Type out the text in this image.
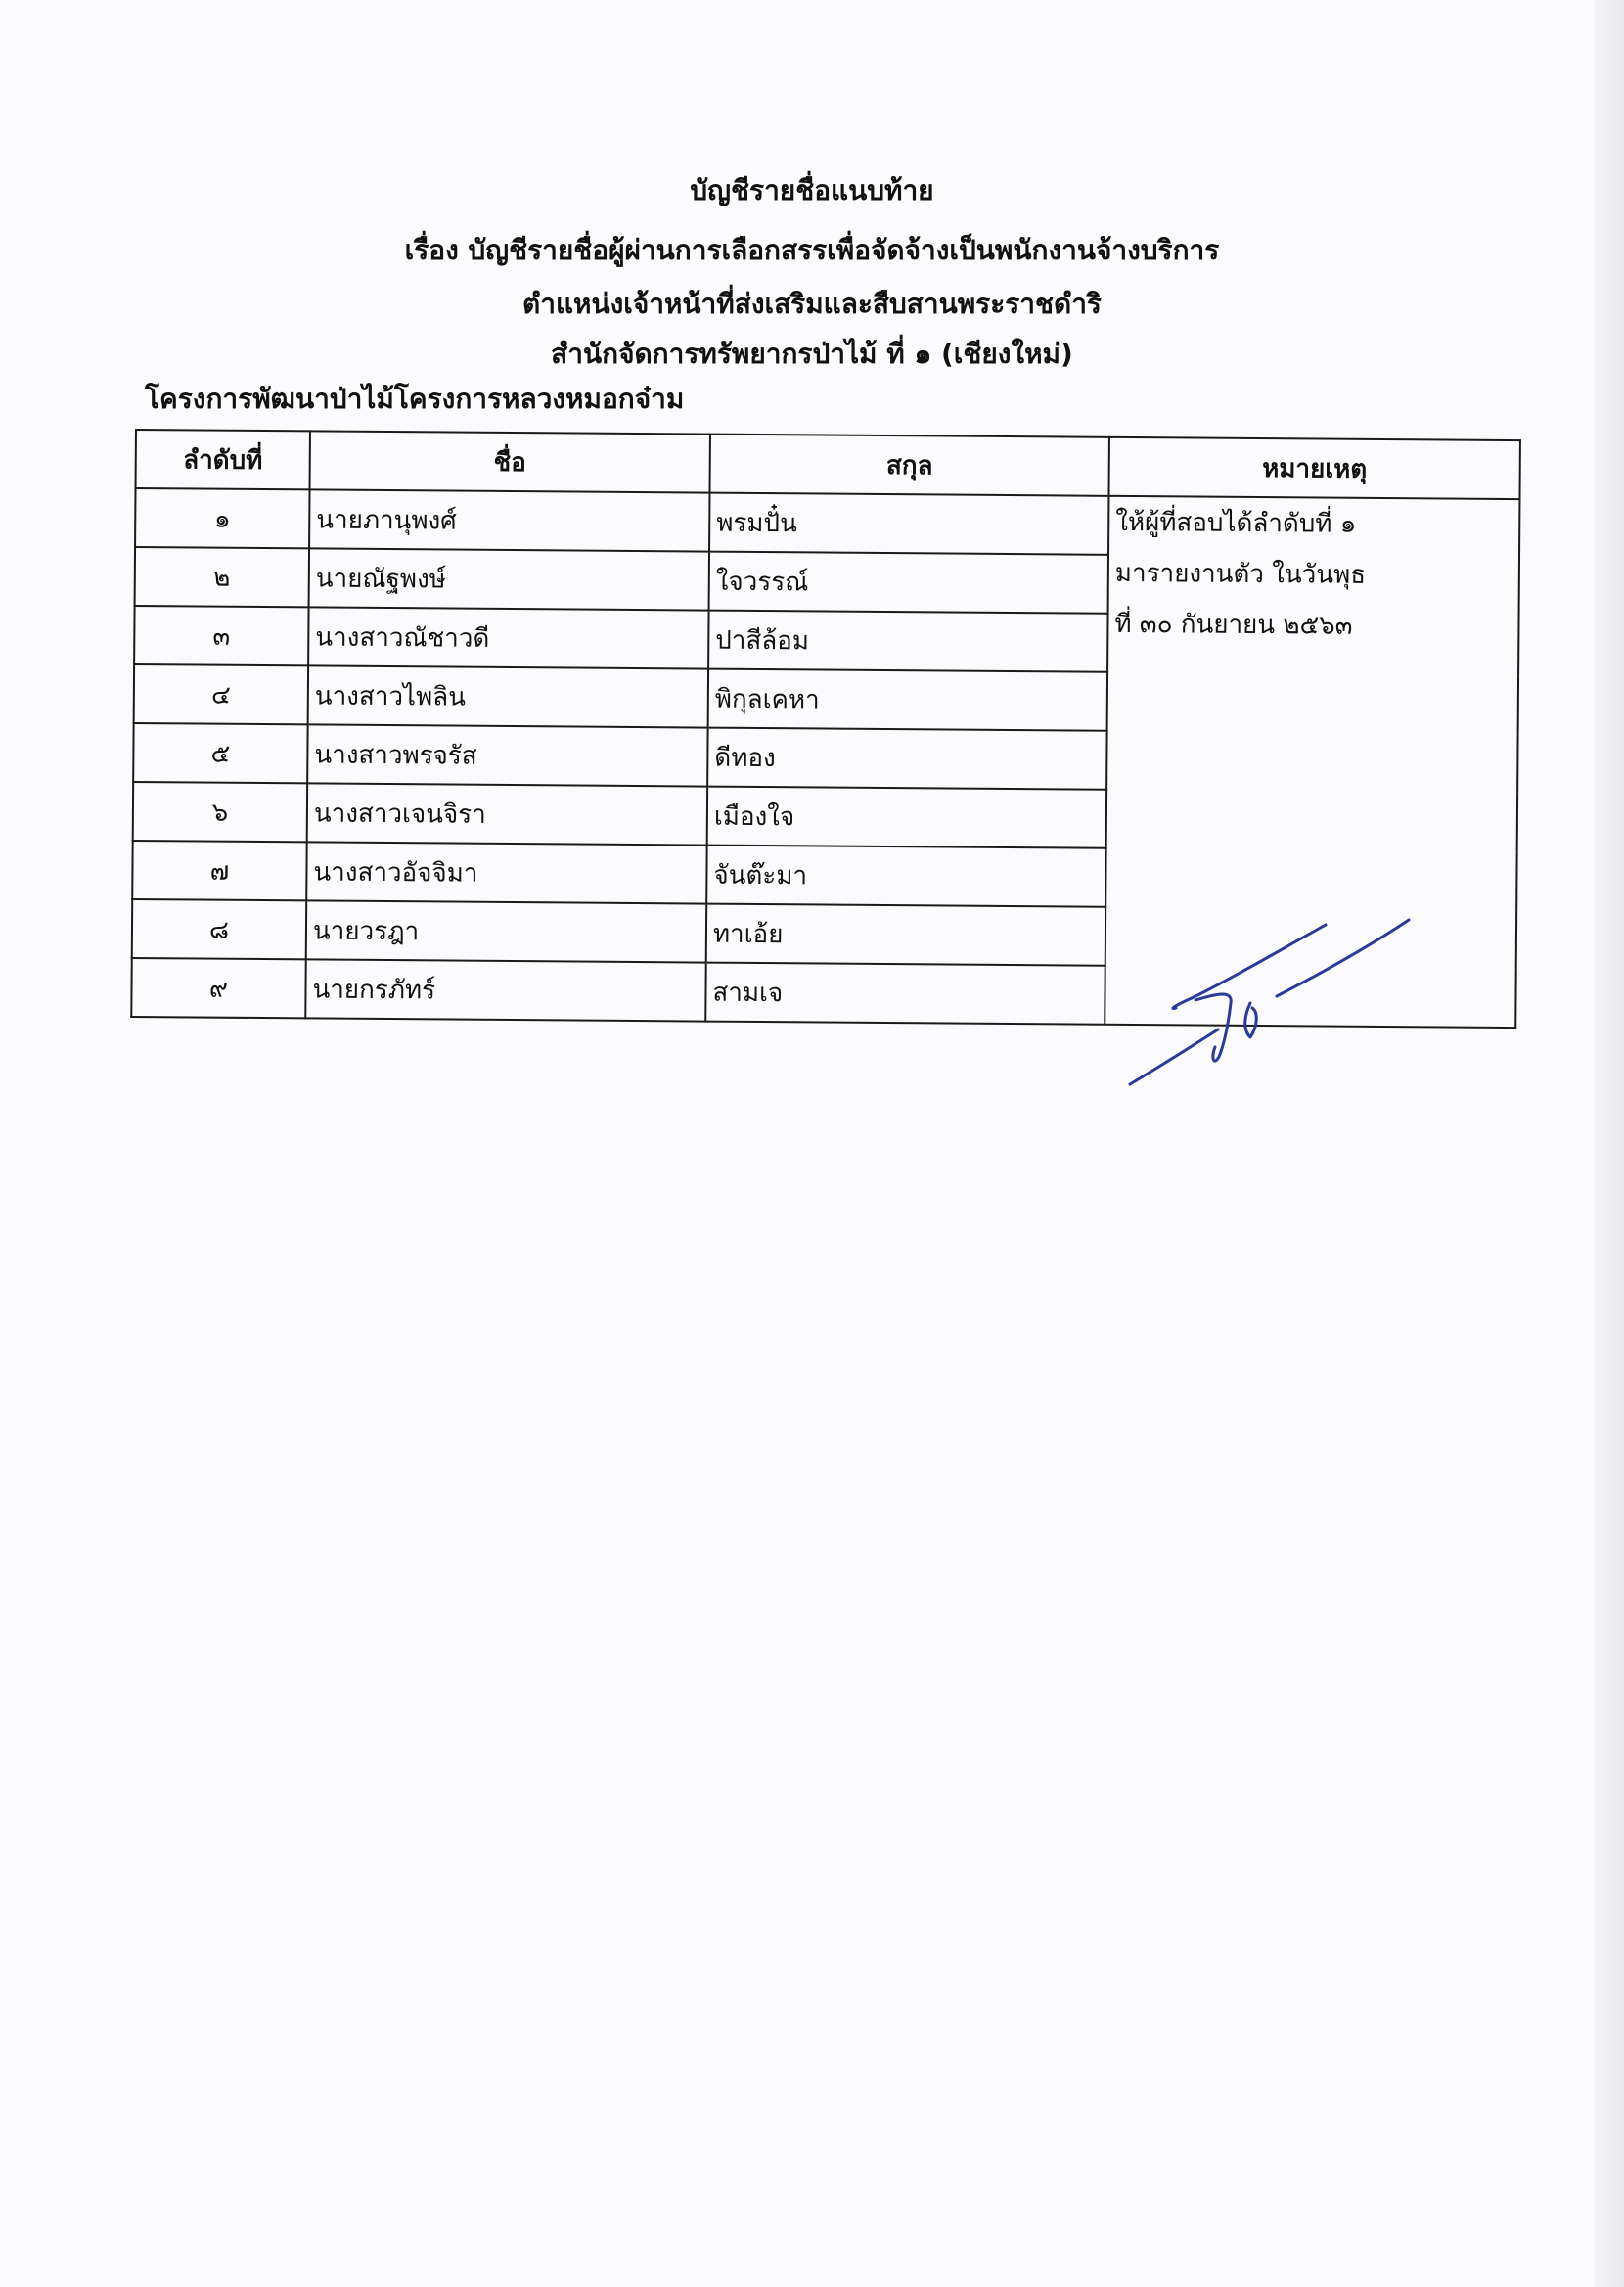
บัญชีรายชื่อแนบท้าย
เรื่อง บัญชีรายชื่อผู้ผ่านการเลือกสรรเพื่อจัดจ้างเป็นพนักงานจ้างบริการ
ตำแหน่งเจ้าหน้าที่ส่งเสริมและสืบสานพระราชดำริ
สำนักจัดการทรัพยากรป่าไม้ ที่ ๑ (เชียงใหม่)
โครงการพัฒนาป่าไม้โครงการหลวงหมอกจ๋าม
ลำดับที่	ชื่อ	สกุล	หมายเหตุ
๑	นายภานุพงศ์	พรมปั๋น	ให้ผู้ที่สอบได้ลำดับที่ ๑
มารายงานตัว ในวันพุธ
ที่ ๓๐ กันยายน ๒๕๖๓

๒	นายณัฐพงษ์	ใจวรรณ์	
๓	นางสาวณัชาวดี	ปาสีล้อม	
๔	นางสาวไพลิน	พิกุลเคหา	
๕	นางสาวพรจรัส	ดีทอง	
๖	นางสาวเจนจิรา	เมืองใจ	
๗	นางสาวอัจจิมา	จันต๊ะมา	
๘	นายวรฎา	ทาเอ้ย	
๙	นายกรภัทร์	สามเจ	
